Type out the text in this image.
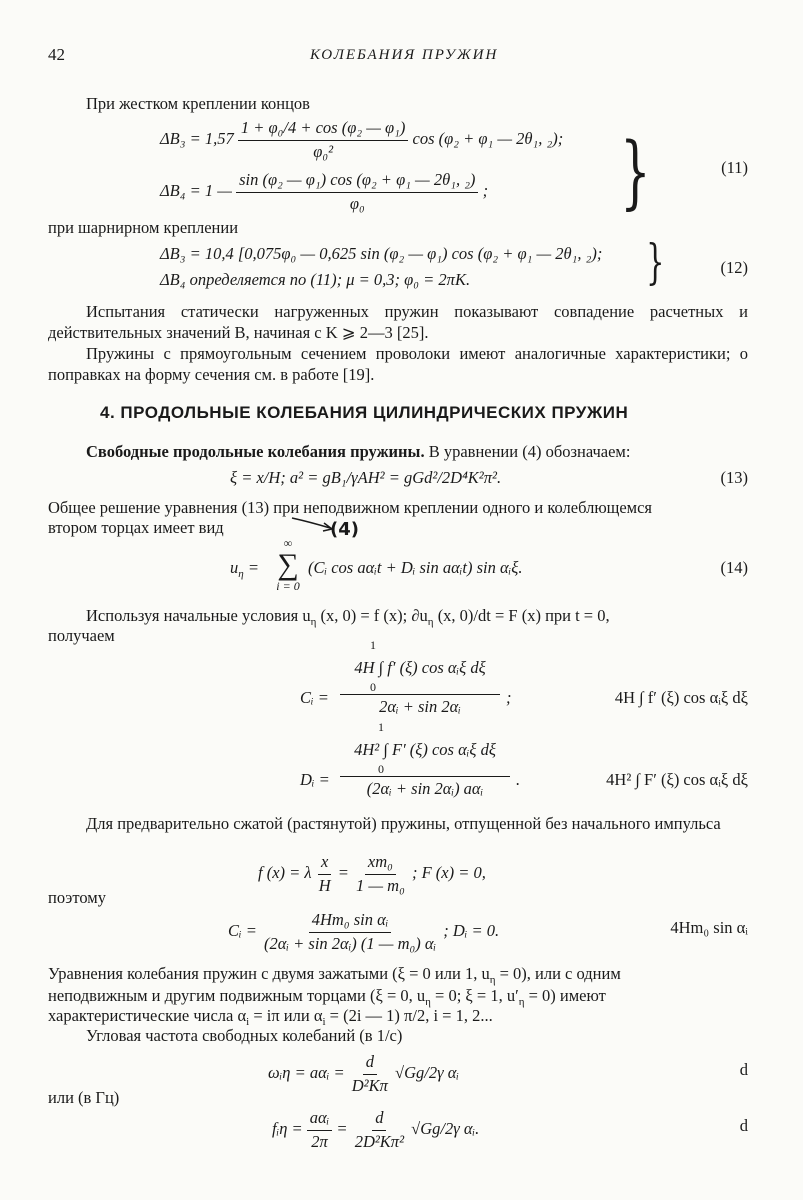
42	КОЛЕБАНИЯ ПРУЖИН
При жестком креплении концов
$\Delta B_3 = 1,57 \frac{\text{1 + φ₀/4 + cos (φ₂ — φ₁)}}{\text{φ₀²}}$ cos (φ₂ + φ₁ — 2θ₁, ₂);
ΔB₄ = 1 — $\frac{\text{sin (φ₂ — φ₁) cos (φ₂ + φ₁ — 2θ₁, ₂)}}{\text{φ₀}}$ ; }	(11)
при шарнирном креплении
ΔB₃ = 10,4 [0,075φ₀ — 0,625 sin (φ₂ — φ₁) cos (φ₂ + φ₁ — 2θ₁, ₂);
ΔB₄ определяется по (11); μ = 0,3; φ₀ = 2πK.	}	(12)
Испытания статически нагруженных пружин показывают совпадение расчетных и действительных значений B, начиная с K ⩾ 2—3 [25].
Пружины с прямоугольным сечением проволоки имеют аналогичные характеристики; о поправках на форму сечения см. в работе [19].
4. ПРОДОЛЬНЫЕ КОЛЕБАНИЯ ЦИЛИНДРИЧЕСКИХ ПРУЖИН
Свободные продольные колебания пружины. В уравнении (4) обозначаем:
ξ = x/H; a² = gB₁/γAH² = gGd²/2D⁴K²π².	(13)
Общее решение уравнения (13) при неподвижном креплении одного и колеблющемся
втором торцах имеет вид	(4)
$u_\eta$ =
∞
∑
i = 0
(Cᵢ cos aαᵢt + Dᵢ sin aαᵢt) sin αᵢξ.	(14)
Используя начальные условия $u_\eta$ (x, 0) = f (x); $\partial u_\eta$ (x, 0)/dt = F (x) при t = 0,
получаем
Cᵢ =
1
4H ∫ f′ (ξ) cos αᵢξ dξ
0
2αᵢ + sin 2αᵢ	;	4H ∫ f′ (ξ) cos αᵢξ dξ
Dᵢ =
1
4H² ∫ F′ (ξ) cos αᵢξ dξ
0
(2αᵢ + sin 2αᵢ) aαᵢ	.	4H² ∫ F′ (ξ) cos αᵢξ dξ
Для предварительно сжатой (растянутой) пружины, отпущенной без начального импульса
f (x) = λ $\frac{x}{H} = \frac{\text{xm₀}}{\text{1 — m₀}}$ ; F (x) = 0,
поэтому
Cᵢ = $\frac{\text{4Hm₀ sin αᵢ}}{\text{(2αᵢ + sin 2αᵢ) (1 — m₀) αᵢ}}$ ; Dᵢ = 0.	4Hm₀ sin αᵢ
Уравнения колебания пружин с двумя зажатыми (ξ = 0 или 1, $u_\eta = 0$), или с одним
неподвижным и другим подвижным торцами (ξ = 0, $u_\eta = 0$; ξ = 1, $u'_\eta = 0$) имеют
характеристические числа $\alpha_i = i\pi$ или $\alpha_i = (2i$ — 1) π/2, i = 1, 2...
Угловая частота свободных колебаний (в 1/с)
ωᵢη = aαᵢ = $\frac{d}{\text{D²Kπ}} √Gg/2\gamma$ αᵢ	d
или (в Гц)
fᵢη = $\frac{\text{aαᵢ}}{2\pi} = \frac{d}{\text{2D²Kπ²}} √Gg/2\gamma$ αᵢ.	d
